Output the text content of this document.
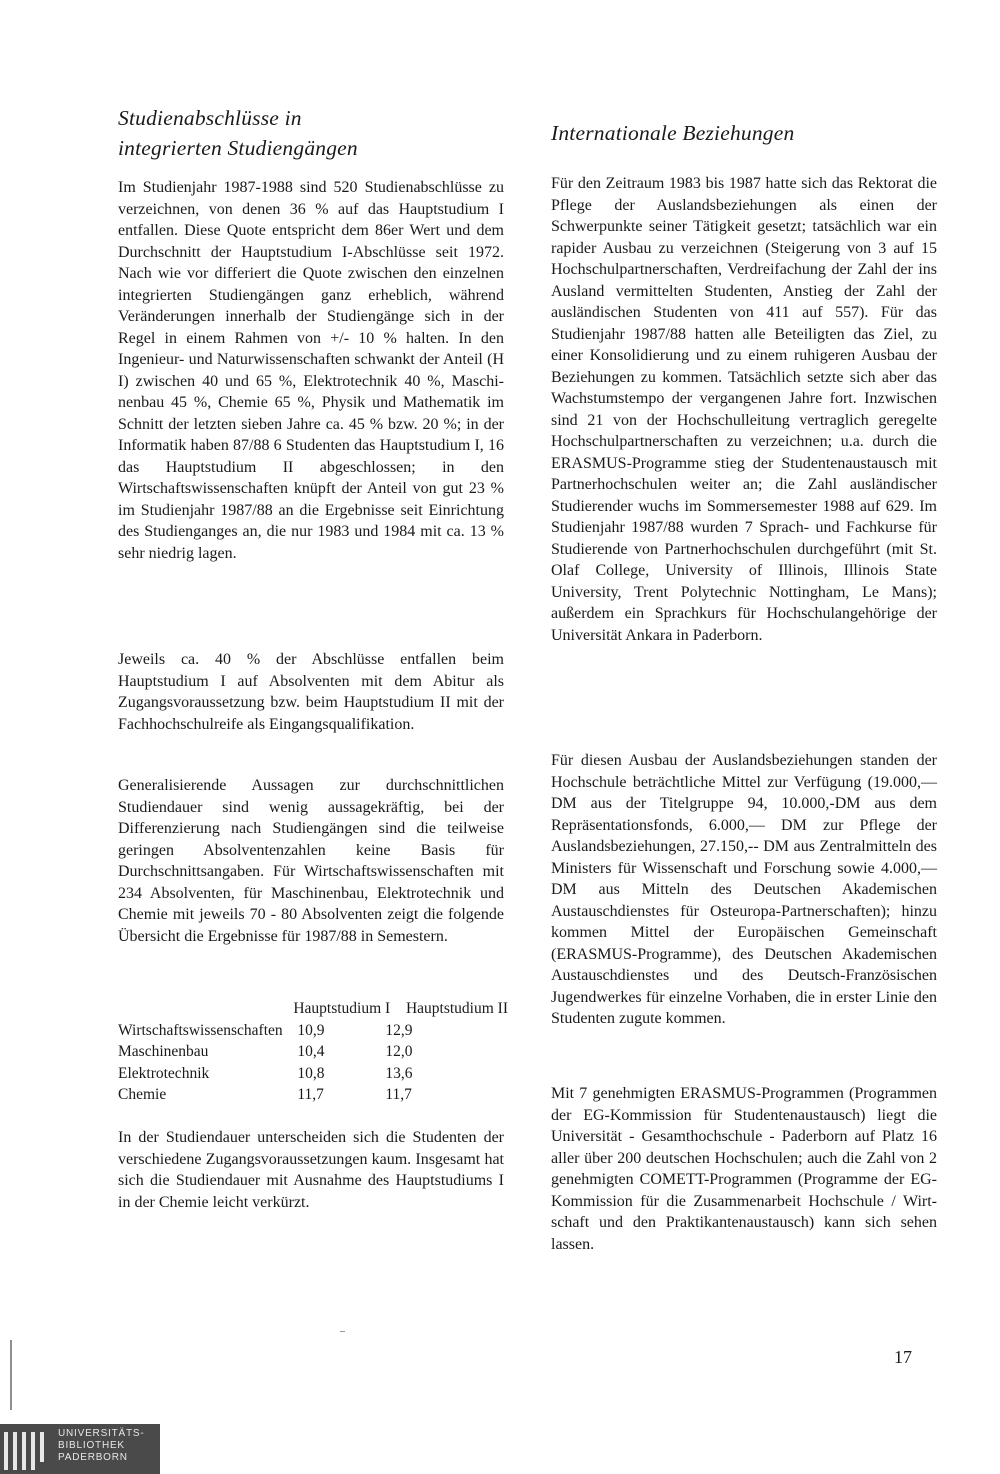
Studienabschlüsse in
integrierten Studiengängen

Im Studienjahr 1987-1988 sind 520 Studienabschlüsse zu verzeichnen, von denen 36 % auf das Hauptstudium I entfallen. Diese Quote entspricht dem 86er Wert und dem Durchschnitt der Hauptstudium I-Abschlüsse seit 1972. Nach wie vor differiert die Quote zwischen den einzelnen integrierten Studiengängen ganz erheblich, während Veränderungen innerhalb der Studiengänge sich in der Regel in einem Rahmen von +/- 10 % halten. In den Ingenieur- und Naturwissenschaften schwankt der Anteil (H I) zwischen 40 und 65 %, Elektrotechnik 40 %, Maschinenbau 45 %, Chemie 65 %, Physik und Mathematik im Schnitt der letzten sieben Jahre ca. 45 % bzw. 20 %; in der Informatik haben 87/88 6 Studenten das Hauptstudium I, 16 das Hauptstudium II abgeschlossen; in den Wirtschaftswissenschaften knüpft der Anteil von gut 23 % im Studienjahr 1987/88 an die Ergebnisse seit Einrichtung des Studienganges an, die nur 1983 und 1984 mit ca. 13 % sehr niedrig lagen.

Jeweils ca. 40 % der Abschlüsse entfallen beim Hauptstudium I auf Absolventen mit dem Abitur als Zugangsvoraussetzung bzw. beim Hauptstudium II mit der Fachhochschulreife als Eingangsqualifikation.

Generalisierende Aussagen zur durchschnittlichen Studiendauer sind wenig aussagekräftig, bei der Differenzierung nach Studiengängen sind die teilweise geringen Absolventenzahlen keine Basis für Durchschnittsangaben. Für Wirtschaftswissenschaften mit 234 Absolventen, für Maschinenbau, Elektrotechnik und Chemie mit jeweils 70 - 80 Absolventen zeigt die folgende Übersicht die Ergebnisse für 1987/88 in Semestern.

	Hauptstudium I Hauptstudium II	
Wirtschaftswissenschaften	10,9	12,9
Maschinenbau	10,4	12,0
Elektrotechnik	10,8	13,6
Chemie	11,7	11,7

In der Studiendauer unterscheiden sich die Studenten der verschiedene Zugangsvoraussetzungen kaum. Insgesamt hat sich die Studiendauer mit Ausnahme des Hauptstudiums I in der Chemie leicht verkürzt.

Internationale Beziehungen

Für den Zeitraum 1983 bis 1987 hatte sich das Rektorat die Pflege der Auslandsbeziehungen als einen der Schwerpunkte seiner Tätigkeit gesetzt; tatsächlich war ein rapider Ausbau zu verzeichnen (Steigerung von 3 auf 15 Hochschulpartnerschaften, Verdreifachung der Zahl der ins Ausland vermittelten Studenten, Anstieg der Zahl der ausländischen Studenten von 411 auf 557). Für das Studienjahr 1987/88 hatten alle Beteiligten das Ziel, zu einer Konsolidierung und zu einem ruhigeren Ausbau der Beziehungen zu kommen. Tatsächlich setzte sich aber das Wachstumstempo der vergangenen Jahre fort. Inzwischen sind 21 von der Hochschulleitung vertraglich geregelte Hochschulpartnerschaften zu verzeichnen; u.a. durch die ERASMUS-Programme stieg der Studentenaustausch mit Partnerhochschulen weiter an; die Zahl ausländischer Studierender wuchs im Sommersemester 1988 auf 629. Im Studienjahr 1987/88 wurden 7 Sprach- und Fachkurse für Studierende von Partnerhochschulen durchgeführt (mit St. Olaf College, University of Illinois, Illinois State University, Trent Polytechnic Nottingham, Le Mans); außerdem ein Sprachkurs für Hochschulangehörige der Universität Ankara in Paderborn.

Für diesen Ausbau der Auslandsbeziehungen standen der Hochschule beträchtliche Mittel zur Verfügung (19.000,— DM aus der Titelgruppe 94, 10.000,-DM aus dem Repräsentationsfonds, 6.000,— DM zur Pflege der Auslandsbeziehungen, 27.150,-- DM aus Zentralmitteln des Ministers für Wissenschaft und Forschung sowie 4.000,— DM aus Mitteln des Deutschen Akademischen Austauschdienstes für Osteuropa-Partnerschaften); hinzu kommen Mittel der Europäischen Gemeinschaft (ERASMUS-Programme), des Deutschen Akademischen Austauschdienstes und des Deutsch-Französischen Jugendwerkes für einzelne Vorhaben, die in erster Linie den Studenten zugute kommen.

Mit 7 genehmigten ERASMUS-Programmen (Programmen der EG-Kommission für Studentenaustausch) liegt die Universität - Gesamthochschule - Paderborn auf Platz 16 aller über 200 deutschen Hochschulen; auch die Zahl von 2 genehmigten COMETT-Programmen (Programme der EG-Kommission für die Zusammenarbeit Hochschule / Wirtschaft und den Praktikantenaustausch) kann sich sehen lassen.

17
UNIVERSITÄTS-
BIBLIOTHEK
PADERBORN
